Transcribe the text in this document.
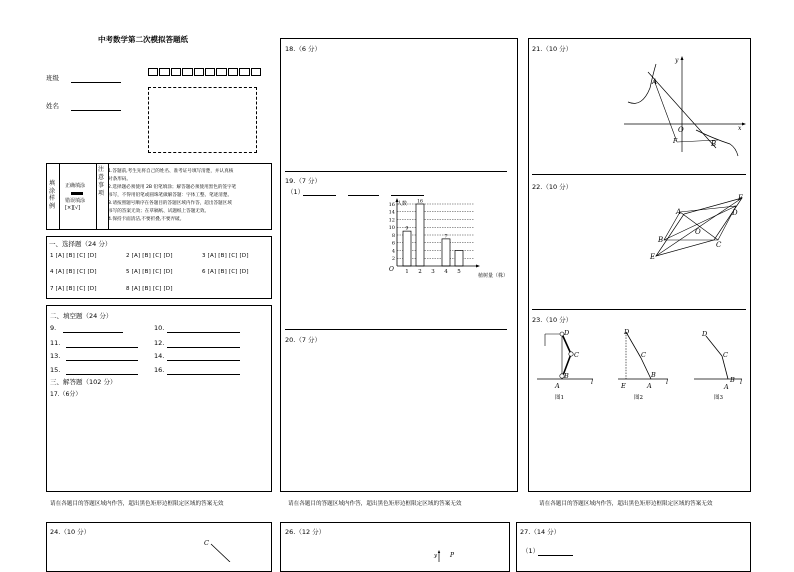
中考数学第二次模拟答题纸
班级
姓名
填涂样例
正确填涂
错误填涂
[×][√]
注意事项
1.答题前,考生先将自己的姓名、准考证号填写清楚，并认真核
对条形码。
2.选择题必须使用 2B 铅笔填涂；解答题必须使用黑色的签字笔
书写，不得用铅笔或圆珠笔做解答题：字体工整、笔迹清楚。
3.请按照题号顺序在各题目的答题区域内作答，超出答题区域
书写的答案无效；在草稿纸、试题纸上答题无效。
4.保持卡面清洁,不要折叠,不要弄破。
一、选择题（24 分）
1 [A] [B] [C] [D]	2 [A] [B] [C] [D]	3 [A] [B] [C] [D]
4 [A] [B] [C] [D]	5 [A] [B] [C] [D]	6 [A] [B] [C] [D]
7 [A] [B] [C] [D]	8 [A] [B] [C] [D]
二、填空题（24 分）
9.	10.
11.	12.
13.	14.
15.	16.
三、解答题（102 分）
17.（6分）
请在各题目的答题区域内作答，超出黑色矩形边框限定区域的答案无效
18.（6 分）
19.（7 分）
（1）
2
4
6
8
10
12
14
16
9
1
16
2 3
7
4 5
人数
植树量（株）
O
20.（7 分）
请在各题目的答题区域内作答，超出黑色矩形边框限定区域的答案无效
21.（10 分）
A
O
F	B
x
y
22.（10 分）
A
F
D
O
B
C
E
23.（10 分）
D
C
B
A	l
图1
D
C
B
E	A l
图2
D
C
B
A
l
图3
请在各题目的答题区域内作答，超出黑色矩形边框限定区域的答案无效
24.（10 分）
C
26.（12 分）
y P
27.（14 分）
（1）
